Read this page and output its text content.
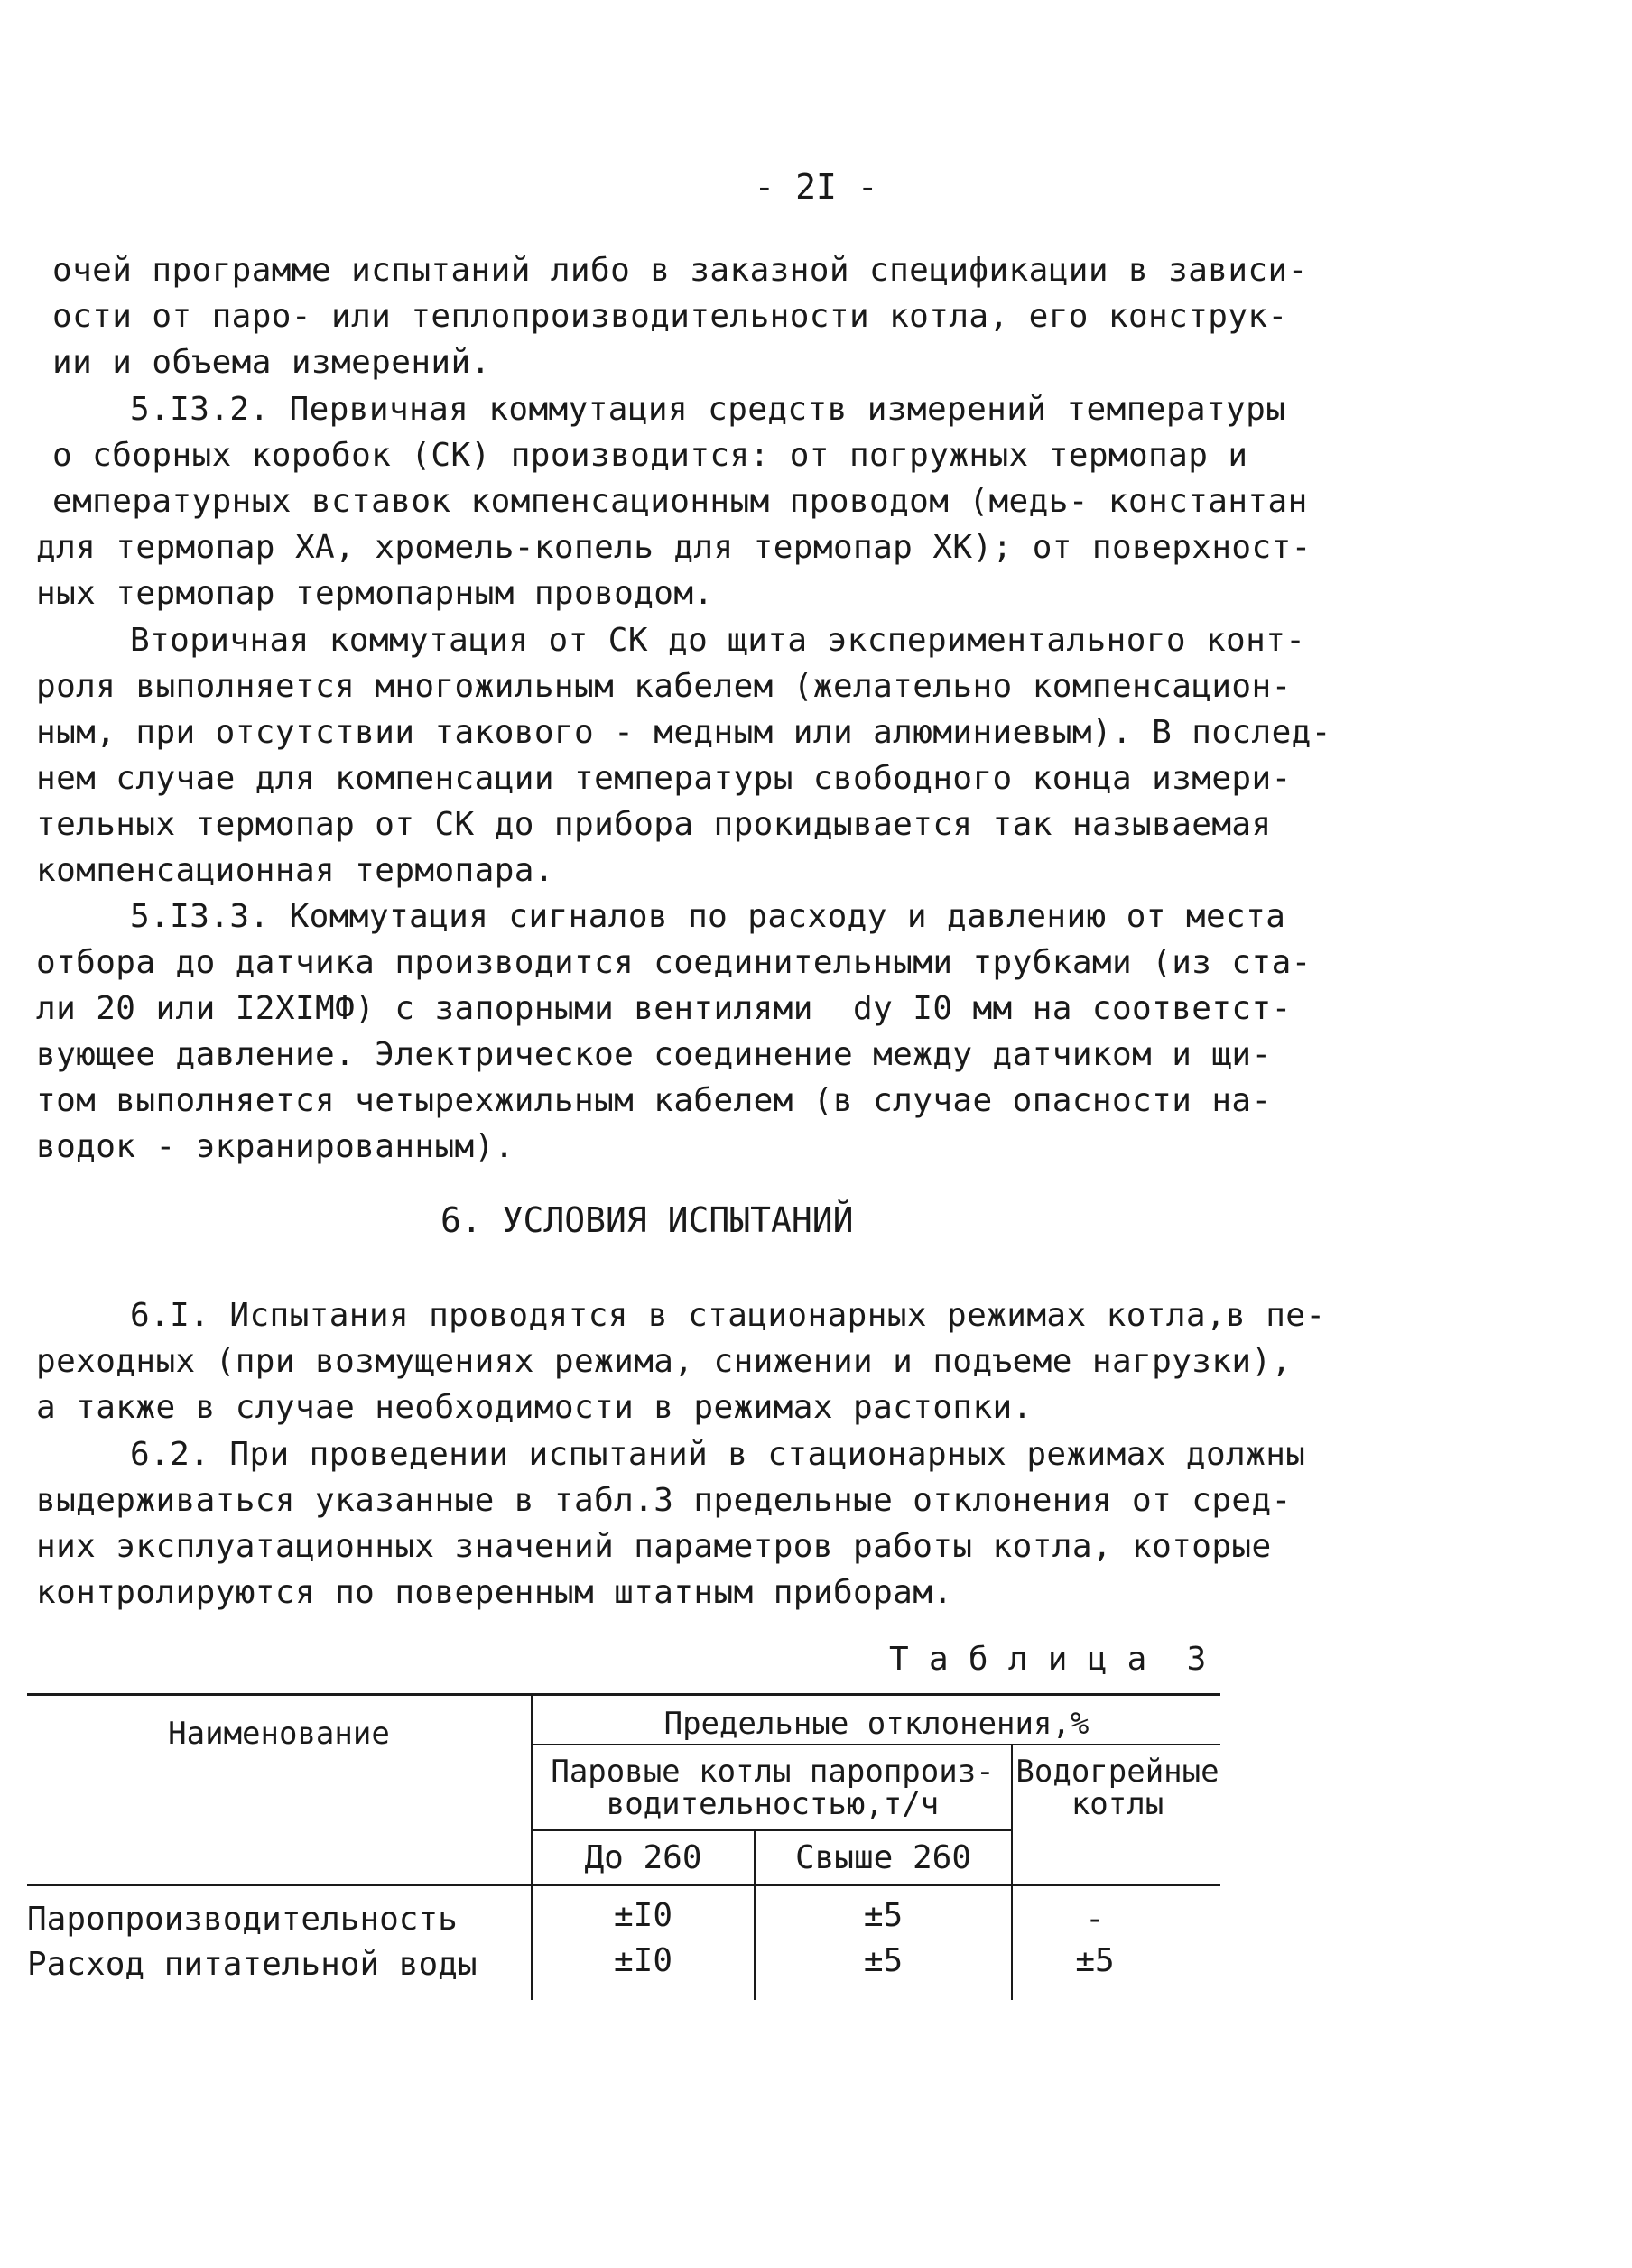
- 2I -
очей программе испытаний либо в заказной спецификации в зависи-
ости от паро- или теплопроизводительности котла, его конструк-
ии и объема измерений.
5.I3.2. Первичная коммутация средств измерений температуры
о сборных коробок (СК) производится: от погружных термопар и
емпературных вставок компенсационным проводом (медь- константан
для термопар ХА, хромель-копель для термопар ХК); от поверхност-
ных термопар термопарным проводом.
Вторичная коммутация от СК до щита экспериментального конт-
роля выполняется многожильным кабелем (желательно компенсацион-
ным, при отсутствии такового - медным или алюминиевым). В послед-
нем случае для компенсации температуры свободного конца измери-
тельных термопар от СК до прибора прокидывается так называемая
компенсационная термопара.
5.I3.3. Коммутация сигналов по расходу и давлению от места
отбора до датчика производится соединительными трубками (из ста-
ли 20 или I2ХIМФ) с запорными вентилями  dу I0 мм на соответст-
вующее давление. Электрическое соединение между датчиком и щи-
том выполняется четырехжильным кабелем (в случае опасности на-
водок - экранированным).
6. УСЛОВИЯ ИСПЫТАНИЙ
6.I. Испытания проводятся в стационарных режимах котла,в пе-
реходных (при возмущениях режима, снижении и подъеме нагрузки),
а также в случае необходимости в режимах растопки.
6.2. При проведении испытаний в стационарных режимах должны
выдерживаться указанные в табл.3 предельные отклонения от сред-
них эксплуатационных значений параметров работы котла, которые
контролируются по поверенным штатным приборам.
Т а б л и ц а  3
Наименование	Предельные отклонения,%
Паровые котлы паропроиз-водительностью,т/ч
Водогрейные котлы
До 260	Свыше 260
Паропроизводительность	±I0	±5	-
Расход питательной воды	±I0	±5	±5
